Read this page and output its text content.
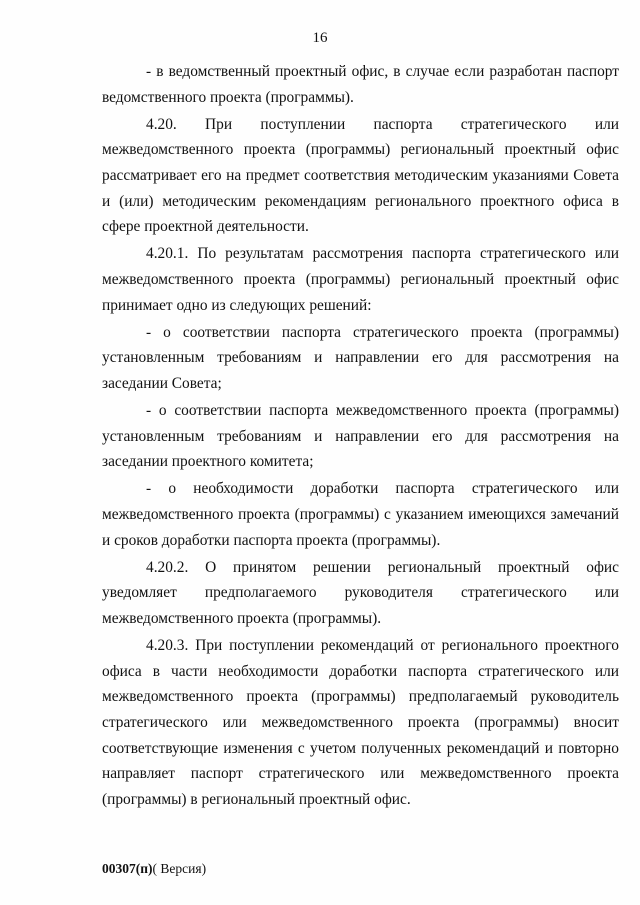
16

- в ведомственный проектный офис, в случае если разработан паспорт ведомственного проекта (программы).

4.20. При поступлении паспорта стратегического или межведомственного проекта (программы) региональный проектный офис рассматривает его на предмет соответствия методическим указаниями Совета и (или) методическим рекомендациям регионального проектного офиса в сфере проектной деятельности.

4.20.1. По результатам рассмотрения паспорта стратегического или межведомственного проекта (программы) региональный проектный офис принимает одно из следующих решений:

- о соответствии паспорта стратегического проекта (программы) установленным требованиям и направлении его для рассмотрения на заседании Совета;

- о соответствии паспорта межведомственного проекта (программы) установленным требованиям и направлении его для рассмотрения на заседании проектного комитета;

- о необходимости доработки паспорта стратегического или межведомственного проекта (программы) с указанием имеющихся замечаний и сроков доработки паспорта проекта (программы).

4.20.2. О принятом решении региональный проектный офис уведомляет предполагаемого руководителя стратегического или межведомственного проекта (программы).

4.20.3. При поступлении рекомендаций от регионального проектного офиса в части необходимости доработки паспорта стратегического или межведомственного проекта (программы) предполагаемый руководитель стратегического или межведомственного проекта (программы) вносит соответствующие изменения с учетом полученных рекомендаций и повторно направляет паспорт стратегического или межведомственного проекта (программы) в региональный проектный офис.

00307(п)( Версия)
